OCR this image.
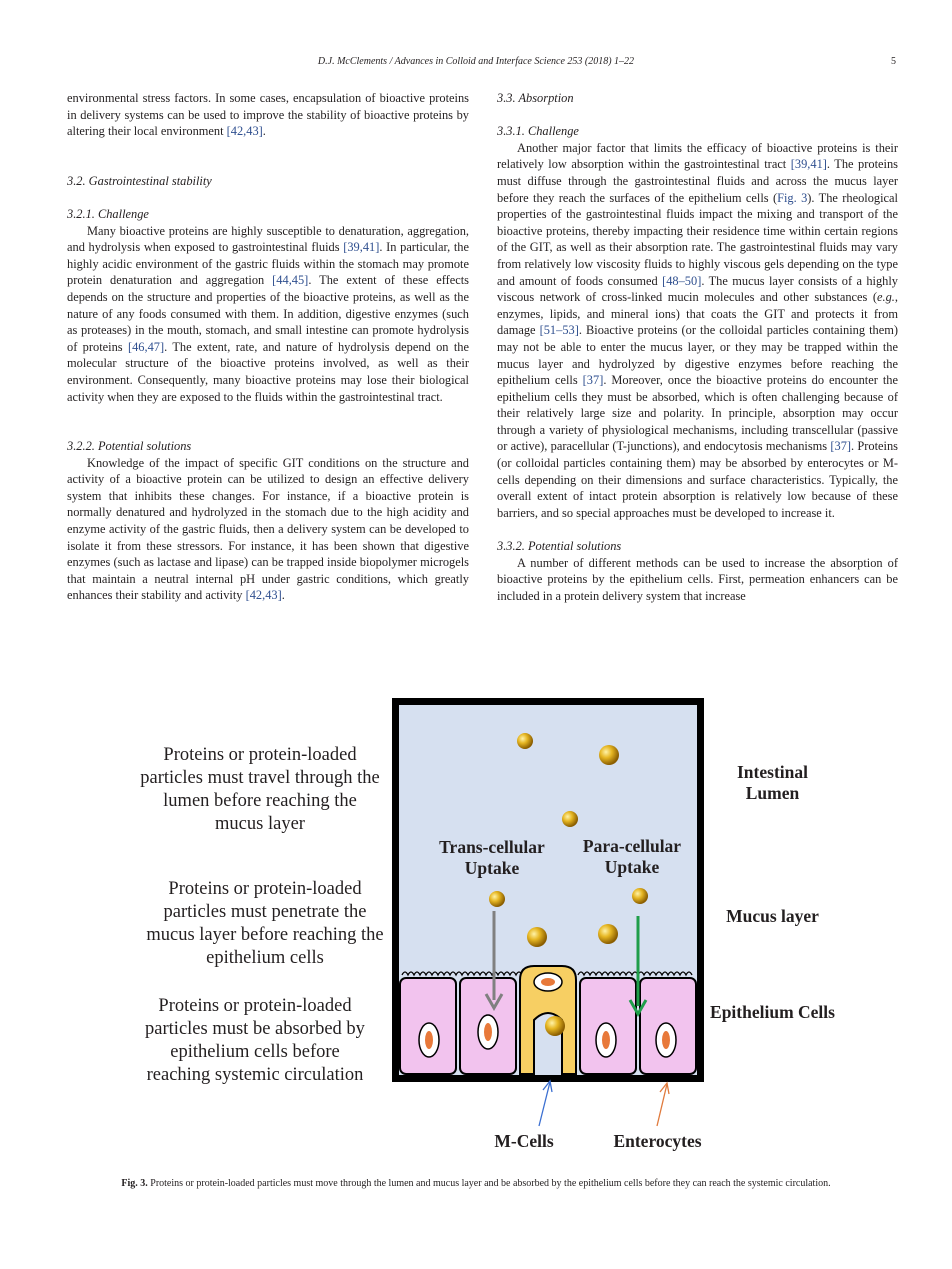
D.J. McClements / Advances in Colloid and Interface Science 253 (2018) 1–22	5

environmental stress factors. In some cases, encapsulation of bioactive proteins in delivery systems can be used to improve the stability of bioactive proteins by altering their local environment [42,43].

3.2. Gastrointestinal stability

3.2.1. Challenge

Many bioactive proteins are highly susceptible to denaturation, aggregation, and hydrolysis when exposed to gastrointestinal fluids [39,41]. In particular, the highly acidic environment of the gastric fluids within the stomach may promote protein denaturation and aggregation [44,45]. The extent of these effects depends on the structure and properties of the bioactive proteins, as well as the nature of any foods consumed with them. In addition, digestive enzymes (such as proteases) in the mouth, stomach, and small intestine can promote hydrolysis of proteins [46,47]. The extent, rate, and nature of hydrolysis depend on the molecular structure of the bioactive proteins involved, as well as their environment. Consequently, many bioactive proteins may lose their biological activity when they are exposed to the fluids within the gastrointestinal tract.

3.2.2. Potential solutions

Knowledge of the impact of specific GIT conditions on the structure and activity of a bioactive protein can be utilized to design an effective delivery system that inhibits these changes. For instance, if a bioactive protein is normally denatured and hydrolyzed in the stomach due to the high acidity and enzyme activity of the gastric fluids, then a delivery system can be developed to isolate it from these stressors. For instance, it has been shown that digestive enzymes (such as lactase and lipase) can be trapped inside biopolymer microgels that maintain a neutral internal pH under gastric conditions, which greatly enhances their stability and activity [42,43].

3.3. Absorption

3.3.1. Challenge

Another major factor that limits the efficacy of bioactive proteins is their relatively low absorption within the gastrointestinal tract [39,41]. The proteins must diffuse through the gastrointestinal fluids and across the mucus layer before they reach the surfaces of the epithelium cells (Fig. 3). The rheological properties of the gastrointestinal fluids impact the mixing and transport of the bioactive proteins, thereby impacting their residence time within certain regions of the GIT, as well as their absorption rate. The gastrointestinal fluids may vary from relatively low viscosity fluids to highly viscous gels depending on the type and amount of foods consumed [48–50]. The mucus layer consists of a highly viscous network of cross-linked mucin molecules and other substances (e.g., enzymes, lipids, and mineral ions) that coats the GIT and protects it from damage [51–53]. Bioactive proteins (or the colloidal particles containing them) may not be able to enter the mucus layer, or they may be trapped within the mucus layer and hydrolyzed by digestive enzymes before reaching the epithelium cells [37]. Moreover, once the bioactive proteins do encounter the epithelium cells they must be absorbed, which is often challenging because of their relatively large size and polarity. In principle, absorption may occur through a variety of physiological mechanisms, including transcellular (passive or active), paracellular (T-junctions), and endocytosis mechanisms [37]. Proteins (or colloidal particles containing them) may be absorbed by enterocytes or M-cells depending on their dimensions and surface characteristics. Typically, the overall extent of intact protein absorption is relatively low because of these barriers, and so special approaches must be developed to increase it.

3.3.2. Potential solutions

A number of different methods can be used to increase the absorption of bioactive proteins by the epithelium cells. First, permeation enhancers can be included in a protein delivery system that increase

Proteins or protein-loaded particles must travel through the lumen before reaching the mucus layer
Proteins or protein-loaded particles must penetrate the mucus layer before reaching the epithelium cells
Proteins or protein-loaded particles must be absorbed by epithelium cells before reaching systemic circulation
Trans-cellular Uptake
Para-cellular Uptake
Intestinal Lumen
Mucus layer
Epithelium Cells
M-Cells	Enterocytes
Fig. 3. Proteins or protein-loaded particles must move through the lumen and mucus layer and be absorbed by the epithelium cells before they can reach the systemic circulation.
